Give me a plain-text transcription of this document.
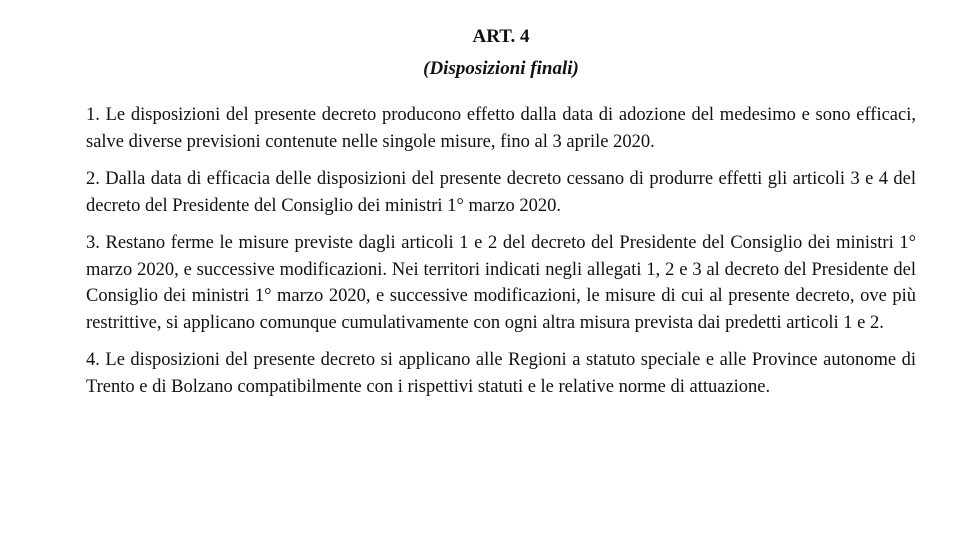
ART. 4
(Disposizioni finali)

1. Le disposizioni del presente decreto producono effetto dalla data di adozione del medesimo e sono efficaci, salve diverse previsioni contenute nelle singole misure, fino al 3 aprile 2020.

2. Dalla data di efficacia delle disposizioni del presente decreto cessano di produrre effetti gli articoli 3 e 4 del decreto del Presidente del Consiglio dei ministri 1° marzo 2020.

3. Restano ferme le misure previste dagli articoli 1 e 2 del decreto del Presidente del Consiglio dei ministri 1° marzo 2020, e successive modificazioni. Nei territori indicati negli allegati 1, 2 e 3 al decreto del Presidente del Consiglio dei ministri 1° marzo 2020, e successive modificazioni, le misure di cui al presente decreto, ove più restrittive, si applicano comunque cumulativamente con ogni altra misura prevista dai predetti articoli 1 e 2.

4. Le disposizioni del presente decreto si applicano alle Regioni a statuto speciale e alle Province autonome di Trento e di Bolzano compatibilmente con i rispettivi statuti e le relative norme di attuazione.
